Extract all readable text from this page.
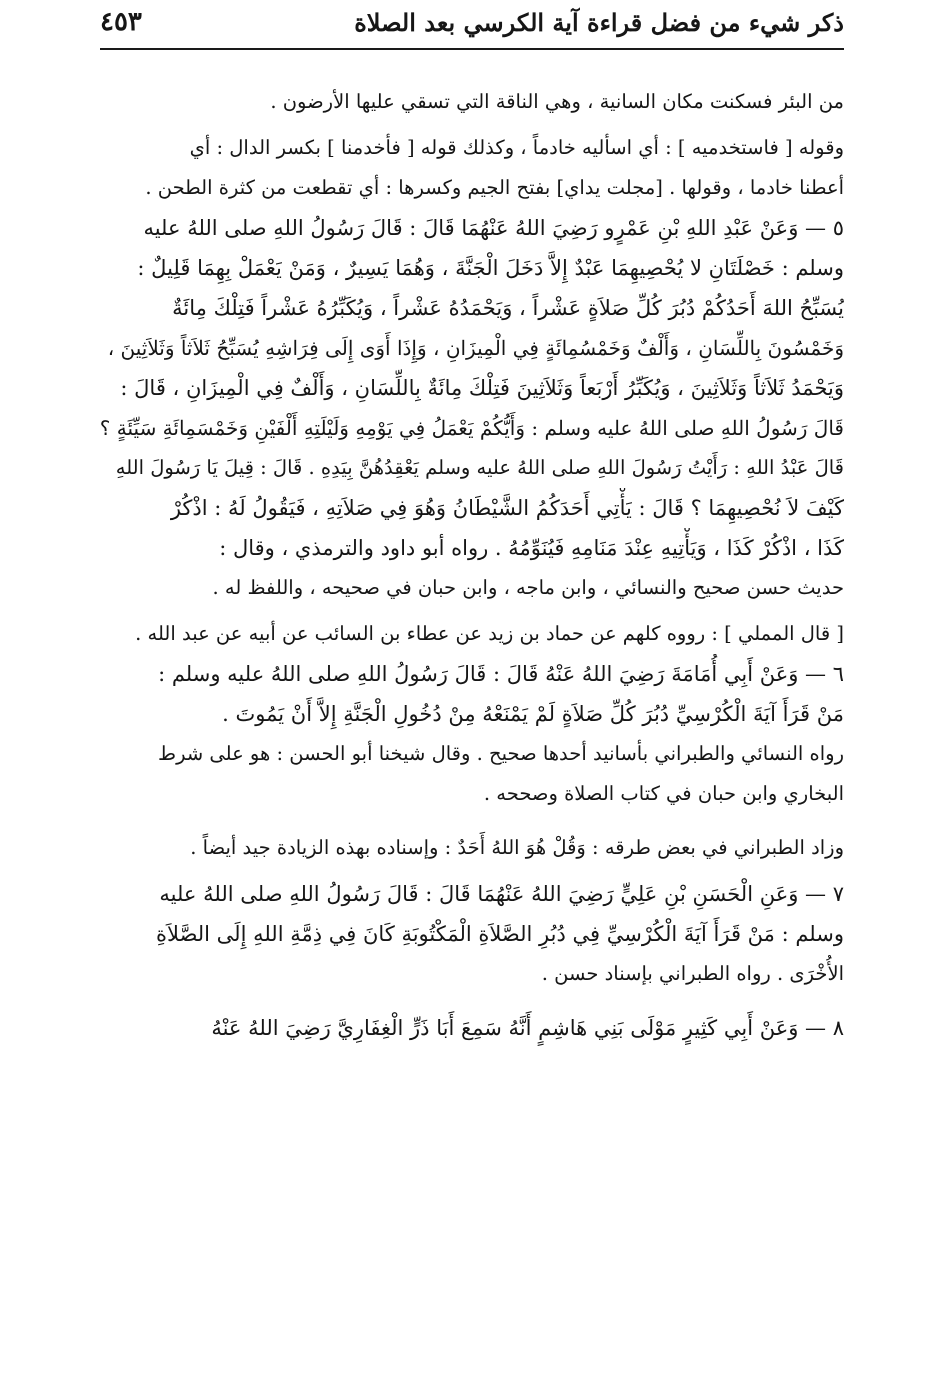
ذكر شيء من فضل قراءة آية الكرسي بعد الصلاة
٤٥٣
من البئر فسكنت مكان السانية ، وهي الناقة التي تسقي عليها الأرضون .
وقوله [ فاستخدميه ] : أي اسأليه خادماً ، وكذلك قوله [ فأخدمنا ] بكسر الدال : أي
أعطنا خادما ، وقولها . [مجلت يداي] بفتح الجيم وكسرها : أي تقطعت من كثرة الطحن .
٥ — وَعَنْ عَبْدِ اللهِ بْنِ عَمْرٍو رَضِيَ اللهُ عَنْهُمَا قَالَ : قَالَ رَسُولُ اللهِ صلى اللهُ عليه
وسلم : خَصْلَتَانِ لا يُحْصِيهِمَا عَبْدٌ إِلاَّ دَخَلَ الْجَنَّةَ ، وَهُمَا يَسِيرٌ ، وَمَنْ يَعْمَلْ بِهِمَا قَلِيلٌ :
يُسَبِّحُ اللهَ أَحَدُكُمْ دُبُرَ كُلِّ صَلاَةٍ عَشْراً ، وَيَحْمَدُهُ عَشْراً ، وَيُكَبِّرُهُ عَشْراً فَتِلْكَ مِائَةٌ
وَخَمْسُونَ بِاللِّسَانِ ، وَأَلْفٌ وَخَمْسُمِائَةٍ فِي الْمِيزَانِ ، وَإِذَا أَوَى إِلَى فِرَاشِهِ يُسَبِّحُ ثَلاَثاً وَثَلاَثِينَ ،
وَيَحْمَدُ ثَلاَثاً وَثَلاَثِينَ ، وَيُكَبِّرُ أَرْبَعاً وَثَلاَثِينَ فَتِلْكَ مِائَةٌ بِاللِّسَانِ ، وَأَلْفٌ فِي الْمِيزَانِ ، قَالَ :
قَالَ رَسُولُ اللهِ صلى اللهُ عليه وسلم : وَأَيُّكُمْ يَعْمَلُ فِي يَوْمِهِ وَلَيْلَتِهِ أَلْفَيْنِ وَخَمْسَمِائَةِ سَيِّئَةٍ ؟
قَالَ عَبْدُ اللهِ : رَأَيْتُ رَسُولَ اللهِ صلى اللهُ عليه وسلم يَعْقِدُهُنَّ بِيَدِهِ . قَالَ : قِيلَ يَا رَسُولَ اللهِ
كَيْفَ لاَ نُحْصِيهِمَا ؟ قَالَ : يَأْتِي أَحَدَكُمُ الشَّيْطَانُ وَهُوَ فِي صَلاَتِهِ ، فَيَقُولُ لَهُ : اذْكُرْ
كَذَا ، اذْكُرْ كَذَا ، وَيَأْتِيهِ عِنْدَ مَنَامِهِ فَيُنَوِّمُهُ . رواه أبو داود والترمذي ، وقال :
حديث حسن صحيح والنسائي ، وابن ماجه ، وابن حبان في صحيحه ، واللفظ له .
[ قال المملي ] : رووه كلهم عن حماد بن زيد عن عطاء بن السائب عن أبيه عن عبد الله .
٦ — وَعَنْ أَبِي أُمَامَةَ رَضِيَ اللهُ عَنْهُ قَالَ : قَالَ رَسُولُ اللهِ صلى اللهُ عليه وسلم :
مَنْ قَرَأَ آيَةَ الْكُرْسِيِّ دُبُرَ كُلِّ صَلاَةٍ لَمْ يَمْنَعْهُ مِنْ دُخُولِ الْجَنَّةِ إِلاَّ أَنْ يَمُوتَ .
رواه النسائي والطبراني بأسانيد أحدها صحيح . وقال شيخنا أبو الحسن : هو على شرط
البخاري وابن حبان في كتاب الصلاة وصححه .
وزاد الطبراني في بعض طرقه : وَقُلْ هُوَ اللهُ أَحَدٌ : وإسناده بهذه الزيادة جيد أيضاً .
٧ — وَعَنِ الْحَسَنِ بْنِ عَلِيٍّ رَضِيَ اللهُ عَنْهُمَا قَالَ : قَالَ رَسُولُ اللهِ صلى اللهُ عليه
وسلم : مَنْ قَرَأَ آيَةَ الْكُرْسِيِّ فِي دُبُرِ الصَّلاَةِ الْمَكْتُوبَةِ كَانَ فِي ذِمَّةِ اللهِ إِلَى الصَّلاَةِ
الأُخْرَى . رواه الطبراني بإسناد حسن .
٨ — وَعَنْ أَبِي كَثِيرٍ مَوْلَى بَنِي هَاشِمٍ أَنَّهُ سَمِعَ أَبَا ذَرٍّ الْغِفَارِيَّ رَضِيَ اللهُ عَنْهُ
